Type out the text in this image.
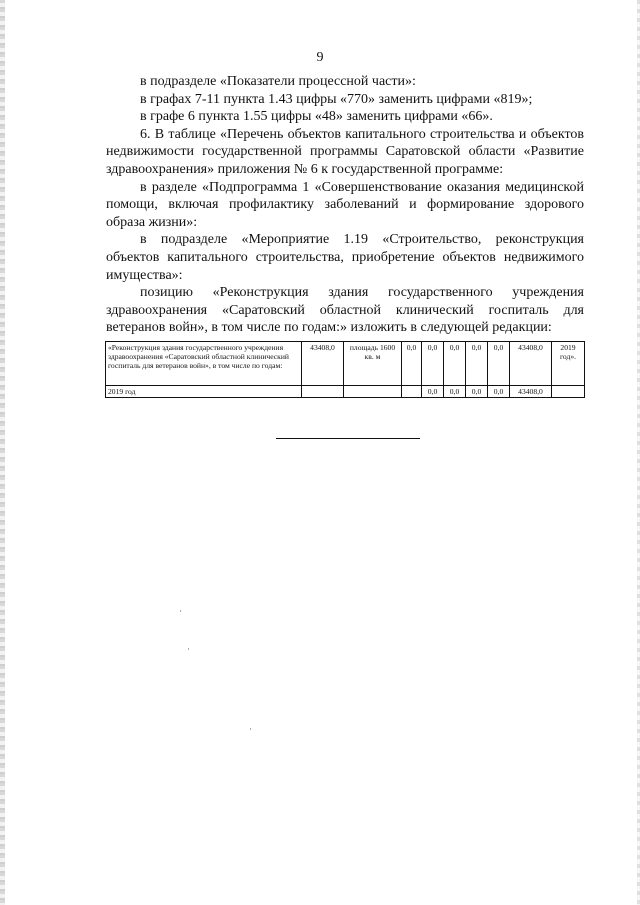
9

в подразделе «Показатели процессной части»:

в графах 7-11 пункта 1.43 цифры «770» заменить цифрами «819»;

в графе 6 пункта 1.55 цифры «48» заменить цифрами «66».

6. В таблице «Перечень объектов капитального строительства и объектов недвижимости государственной программы Саратовской области «Развитие здравоохранения» приложения № 6 к государственной программе:

в разделе «Подпрограмма 1 «Совершенствование оказания медицинской помощи, включая профилактику заболеваний и формирование здорового образа жизни»:

в подразделе «Мероприятие 1.19 «Строительство, реконструкция объектов капитального строительства, приобретение объектов недвижимого имущества»:

позицию «Реконструкция здания государственного учреждения здравоохранения «Саратовский областной клинический госпиталь для ветеранов войн», в том числе по годам:» изложить в следующей редакции:

«Реконструкция здания государственного учреждения здравоохранения «Саратовский областной клинический госпиталь для ветеранов войн», в том числе по годам:	43408,0	площадь 1600 кв. м	0,0	0,0	0,0	0,0	0,0	43408,0	2019 год».
2019 год				0,0	0,0	0,0	0,0	43408,0	
